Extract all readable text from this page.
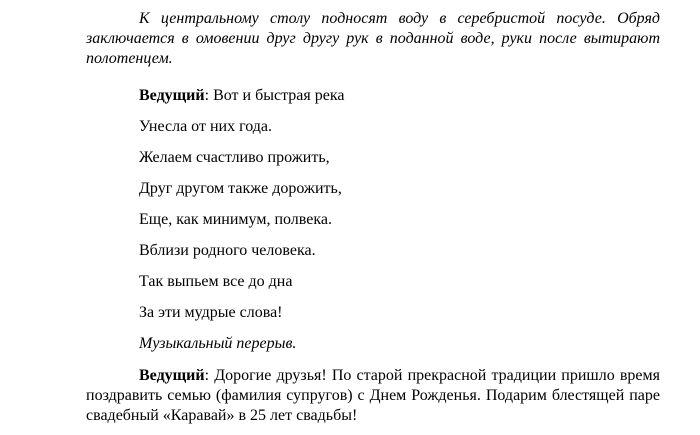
К центральному столу подносят воду в серебристой посуде. Обряд заключается в омовении друг другу рук в поданной воде, руки после вытирают полотенцем.

Ведущий: Вот и быстрая река

Унесла от них года.

Желаем счастливо прожить,

Друг другом также дорожить,

Еще, как минимум, полвека.

Вблизи родного человека.

Так выпьем все до дна

За эти мудрые слова!

Музыкальный перерыв.

Ведущий: Дорогие друзья! По старой прекрасной традиции пришло время поздравить семью (фамилия супругов) с Днем Рожденья. Подарим блестящей паре свадебный «Каравай» в 25 лет свадьбы!
